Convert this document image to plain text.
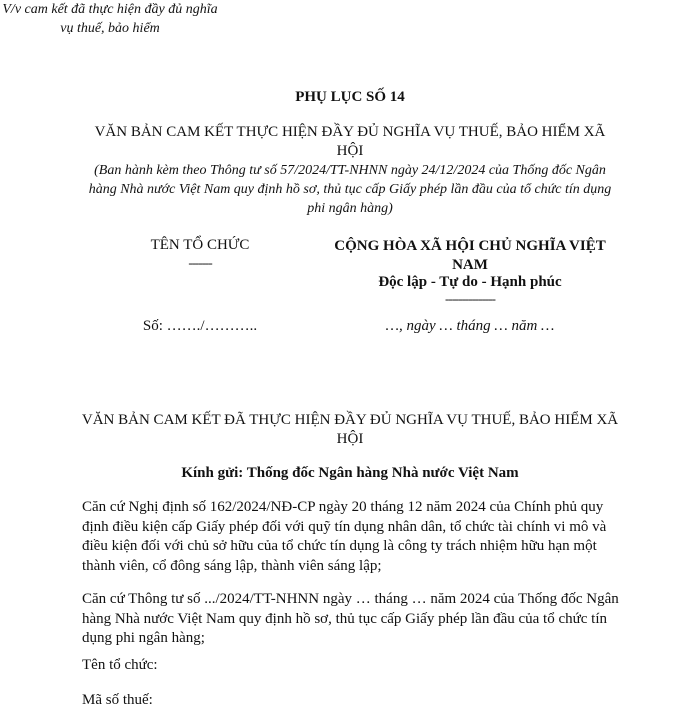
PHỤ LỤC SỐ 14
VĂN BẢN CAM KẾT THỰC HIỆN ĐẦY ĐỦ NGHĨA VỤ THUẾ, BẢO HIỂM XÃ HỘI
(Ban hành kèm theo Thông tư số 57/2024/TT-NHNN ngày 24/12/2024 của Thống đốc Ngân hàng Nhà nước Việt Nam quy định hồ sơ, thủ tục cấp Giấy phép lần đầu của tổ chức tín dụng phi ngân hàng)
TÊN TỔ CHỨC
-------
Số: ……./………..
V/v cam kết đã thực hiện đầy đủ nghĩa vụ thuế, bảo hiểm
CỘNG HÒA XÃ HỘI CHỦ NGHĨA VIỆT NAM
Độc lập - Tự do - Hạnh phúc
---------------
…, ngày … tháng … năm …
VĂN BẢN CAM KẾT ĐÃ THỰC HIỆN ĐẦY ĐỦ NGHĨA VỤ THUẾ, BẢO HIỂM XÃ HỘI
Kính gửi: Thống đốc Ngân hàng Nhà nước Việt Nam
Căn cứ Nghị định số 162/2024/NĐ-CP ngày 20 tháng 12 năm 2024 của Chính phủ quy định điều kiện cấp Giấy phép đối với quỹ tín dụng nhân dân, tổ chức tài chính vi mô và điều kiện đối với chủ sở hữu của tổ chức tín dụng là công ty trách nhiệm hữu hạn một thành viên, cổ đông sáng lập, thành viên sáng lập;
Căn cứ Thông tư số .../2024/TT-NHNN ngày … tháng … năm 2024 của Thống đốc Ngân hàng Nhà nước Việt Nam quy định hồ sơ, thủ tục cấp Giấy phép lần đầu của tổ chức tín dụng phi ngân hàng;
Tên tổ chức:
Mã số thuế:
